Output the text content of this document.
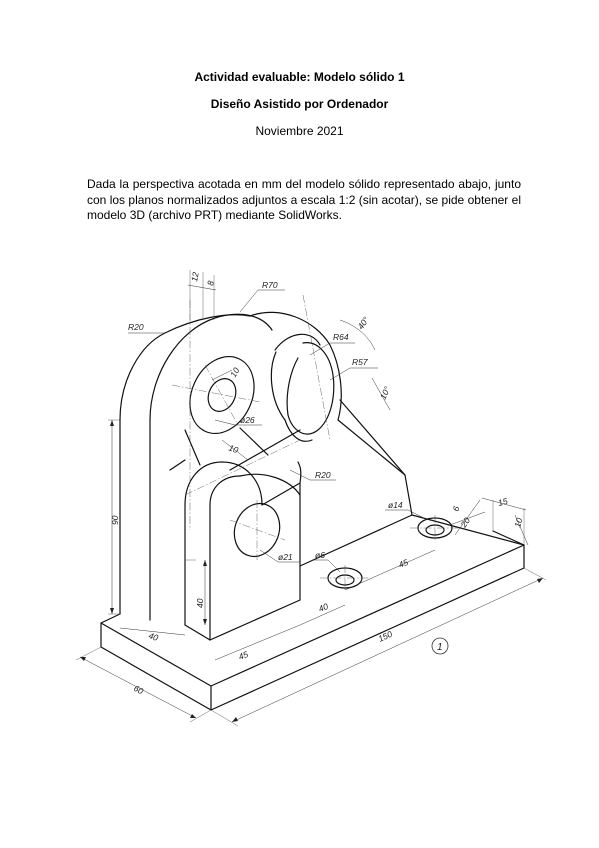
Actividad evaluable: Modelo sólido 1
Diseño Asistido por Ordenador
Noviembre 2021
Dada la perspectiva acotada en mm del modelo sólido representado abajo, junto con los planos normalizados adjuntos a escala 1:2 (sin acotar), se pide obtener el modelo 3D (archivo PRT) mediante SolidWorks.
R70
R20
R64
R57
40°
10°
12
8
10
ø26
10
R20
ø21
ø14	6
15
10
20
ø6
45
40
90
40
40
45
150
60
1
